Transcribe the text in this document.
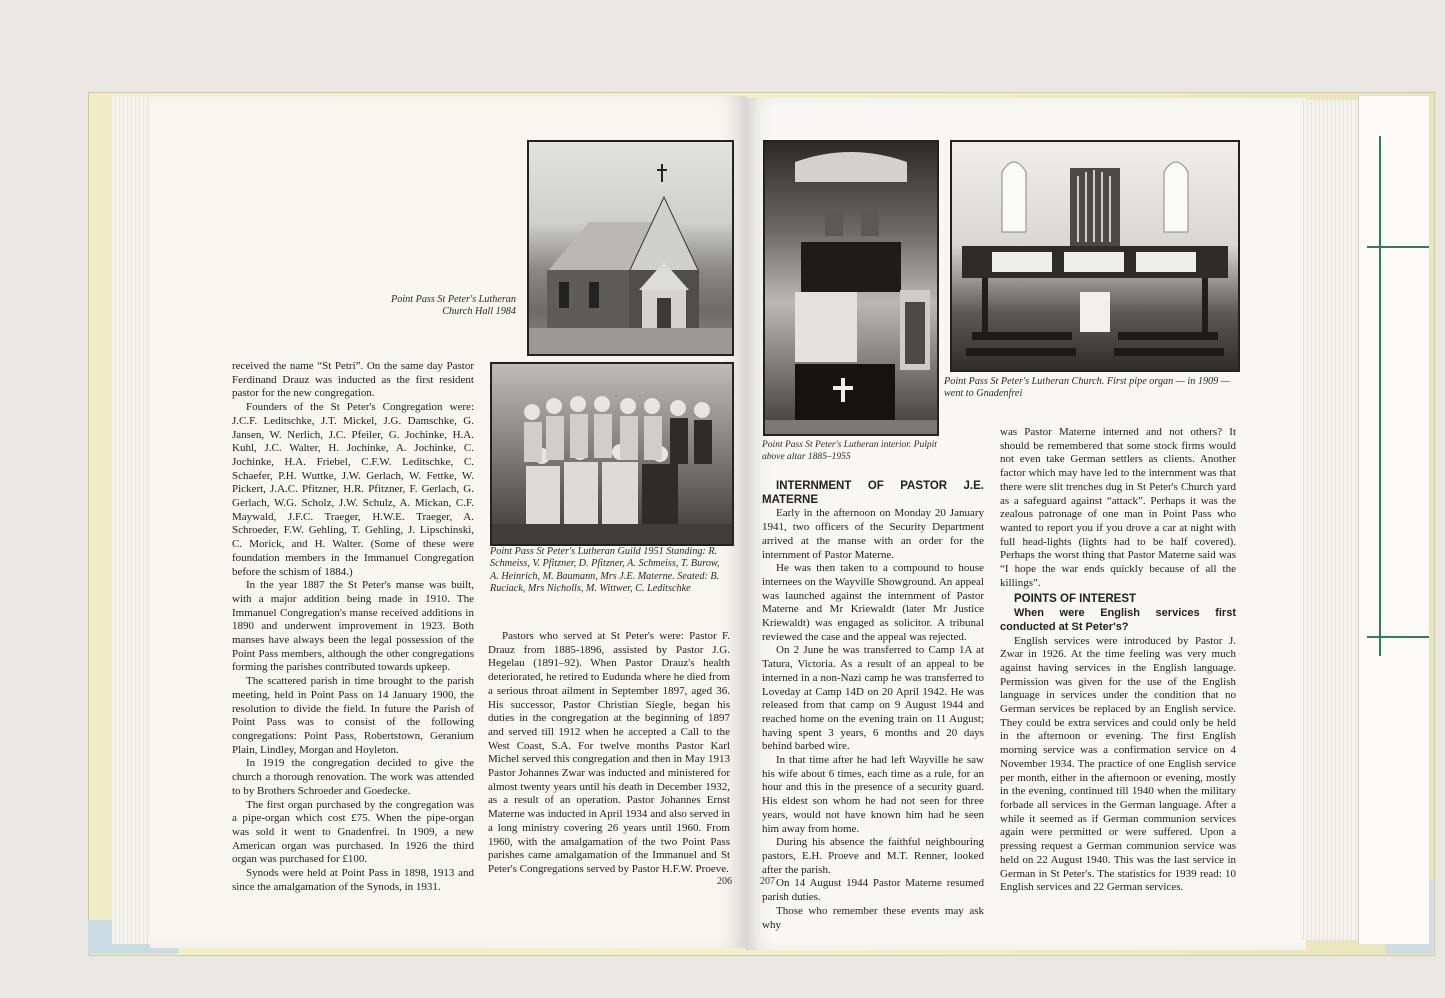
Point Pass St Peter's Lutheran Church Hall 1984
Point Pass St Peter's Lutheran Guild 1951 Standing: R. Schmeiss, V. Pfitzner, D. Pfitzner, A. Schmeiss, T. Burow, A. Heinrich, M. Baumann, Mrs J.E. Materne. Seated: B. Ruciack, Mrs Nicholls, M. Wittwer, C. Leditschke

received the name “St Petri”. On the same day Pastor Ferdinand Drauz was inducted as the first resident pastor for the new congregation.

Founders of the St Peter's Congregation were: J.C.F. Leditschke, J.T. Mickel, J.G. Damschke, G. Jansen, W. Nerlich, J.C. Pfeiler, G. Jochinke, H.A. Kuhl, J.C. Walter, H. Jochinke, A. Jochinke, C. Jochinke, H.A. Friebel, C.F.W. Leditschke, C. Schaefer, P.H. Wuttke, J.W. Gerlach, W. Fettke, W. Pickert, J.A.C. Pfitzner, H.R. Pfitzner, F. Gerlach, G. Gerlach, W.G. Scholz, J.W. Schulz, A. Mickan, C.F. Maywald, J.F.C. Traeger, H.W.E. Traeger, A. Schroeder, F.W. Gehling, T. Gehling, J. Lipschinski, C. Morick, and H. Walter. (Some of these were foundation members in the Immanuel Congregation before the schism of 1884.)

In the year 1887 the St Peter's manse was built, with a major addition being made in 1910. The Immanuel Congregation's manse received additions in 1890 and underwent improvement in 1923. Both manses have always been the legal possession of the Point Pass members, although the other congregations forming the parishes contributed towards upkeep.

The scattered parish in time brought to the parish meeting, held in Point Pass on 14 January 1900, the resolution to divide the field. In future the Parish of Point Pass was to consist of the following congregations: Point Pass, Robertstown, Geranium Plain, Lindley, Morgan and Hoyleton.

In 1919 the congregation decided to give the church a thorough renovation. The work was attended to by Brothers Schroeder and Goedecke.

The first organ purchased by the congregation was a pipe-organ which cost £75. When the pipe-organ was sold it went to Gnadenfrei. In 1909, a new American organ was purchased. In 1926 the third organ was purchased for £100.

Synods were held at Point Pass in 1898, 1913 and since the amalgamation of the Synods, in 1931.

Pastors who served at St Peter's were: Pastor F. Drauz from 1885-1896, assisted by Pastor J.G. Hegelau (1891–92). When Pastor Drauz's health deteriorated, he retired to Eudunda where he died from a serious throat ailment in September 1897, aged 36. His successor, Pastor Christian Siegle, began his duties in the congregation at the beginning of 1897 and served till 1912 when he accepted a Call to the West Coast, S.A. For twelve months Pastor Karl Michel served this congregation and then in May 1913 Pastor Johannes Zwar was inducted and ministered for almost twenty years until his death in December 1932, as a result of an operation. Pastor Johannes Ernst Materne was inducted in April 1934 and also served in a long ministry covering 26 years until 1960. From 1960, with the amalgamation of the two Point Pass parishes came amalgamation of the Immanuel and St Peter's Congregations served by Pastor H.F.W. Proeve.

206
Point Pass St Peter's Lutheran interior. Pulpit above altar 1885–1955
Point Pass St Peter's Lutheran Church. First pipe organ — in 1909 — went to Gnadenfrei

INTERNMENT OF PASTOR J.E. MATERNE

Early in the afternoon on Monday 20 January 1941, two officers of the Security Department arrived at the manse with an order for the internment of Pastor Materne.

He was then taken to a compound to house internees on the Wayville Showground. An appeal was launched against the internment of Pastor Materne and Mr Kriewaldt (later Mr Justice Kriewaldt) was engaged as solicitor. A tribunal reviewed the case and the appeal was rejected.

On 2 June he was transferred to Camp 1A at Tatura, Victoria. As a result of an appeal to be interned in a non-Nazi camp he was transferred to Loveday at Camp 14D on 20 April 1942. He was released from that camp on 9 August 1944 and reached home on the evening train on 11 August; having spent 3 years, 6 months and 20 days behind barbed wire.

In that time after he had left Wayville he saw his wife about 6 times, each time as a rule, for an hour and this in the presence of a security guard. His eldest son whom he had not seen for three years, would not have known him had he seen him away from home.

During his absence the faithful neighbouring pastors, E.H. Proeve and M.T. Renner, looked after the parish.

On 14 August 1944 Pastor Materne resumed parish duties.

Those who remember these events may ask why

207

was Pastor Materne interned and not others? It should be remembered that some stock firms would not even take German settlers as clients. Another factor which may have led to the internment was that there were slit trenches dug in St Peter's Church yard as a safeguard against “attack”. Perhaps it was the zealous patronage of one man in Point Pass who wanted to report you if you drove a car at night with full head-lights (lights had to be half covered). Perhaps the worst thing that Pastor Materne said was “I hope the war ends quickly because of all the killings”.

POINTS OF INTEREST

When were English services first conducted at St Peter's?

English services were introduced by Pastor J. Zwar in 1926. At the time feeling was very much against having services in the English language. Permission was given for the use of the English language in services under the condition that no German services be replaced by an English service. They could be extra services and could only be held in the afternoon or evening. The first English morning service was a confirmation service on 4 November 1934. The practice of one English service per month, either in the afternoon or evening, mostly in the evening, continued till 1940 when the military forbade all services in the German language. After a while it seemed as if German communion services again were permitted or were suffered. Upon a pressing request a German communion service was held on 22 August 1940. This was the last service in German in St Peter's. The statistics for 1939 read: 10 English services and 22 German services.
